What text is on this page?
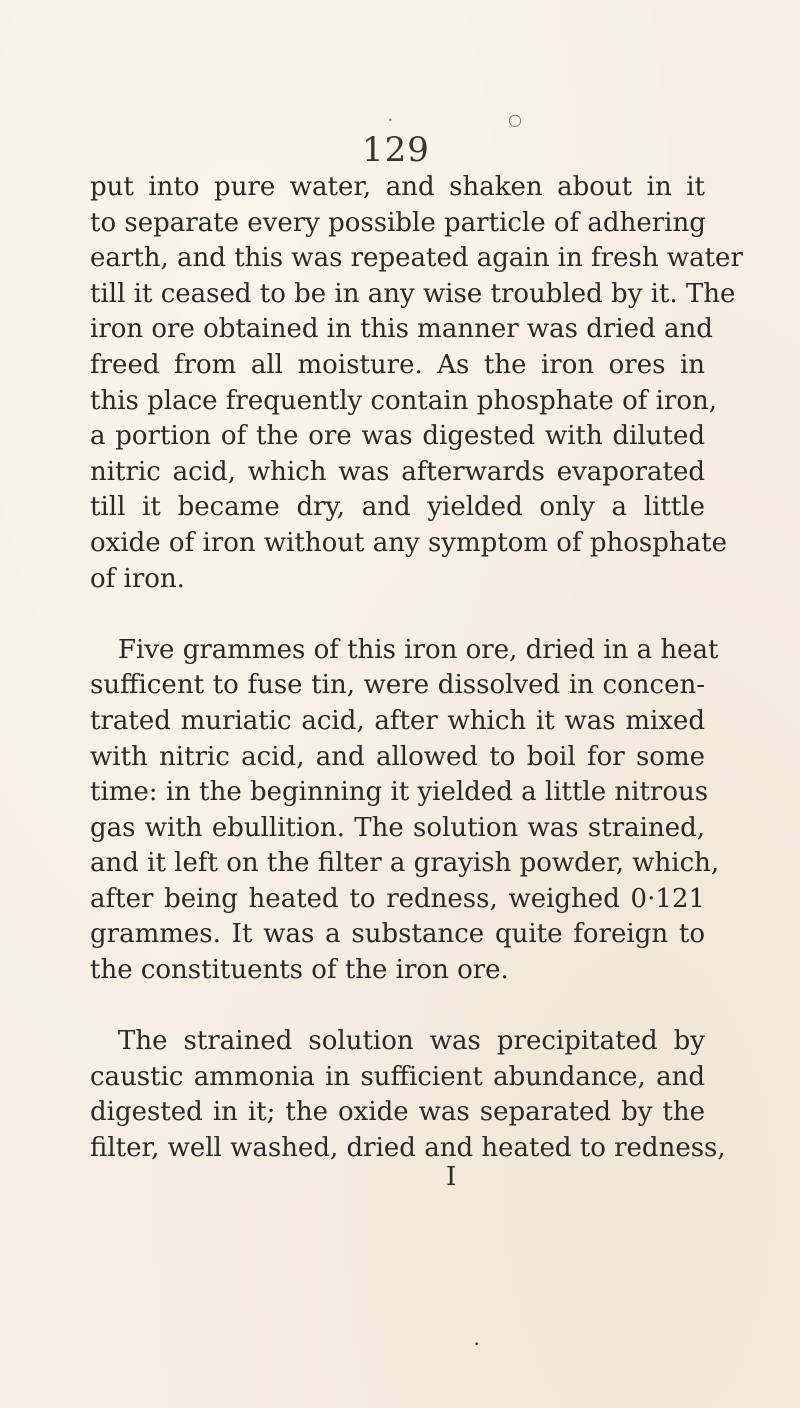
○
•
129
put into pure water, and shaken about in it
to separate every possible particle of adhering
earth, and this was repeated again in fresh water
till it ceased to be in any wise troubled by it. The
iron ore obtained in this manner was dried and
freed from all moisture. As the iron ores in
this place frequently contain phosphate of iron,
a portion of the ore was digested with diluted
nitric acid, which was afterwards evaporated
till it became dry, and yielded only a little
oxide of iron without any symptom of phosphate
of iron.
Five grammes of this iron ore, dried in a heat
sufficent to fuse tin, were dissolved in concen-
trated muriatic acid, after which it was mixed
with nitric acid, and allowed to boil for some
time: in the beginning it yielded a little nitrous
gas with ebullition. The solution was strained,
and it left on the filter a grayish powder, which,
after being heated to redness, weighed 0·121
grammes. It was a substance quite foreign to
the constituents of the iron ore.
The strained solution was precipitated by
caustic ammonia in sufficient abundance, and
digested in it; the oxide was separated by the
filter, well washed, dried and heated to redness,
I
•
